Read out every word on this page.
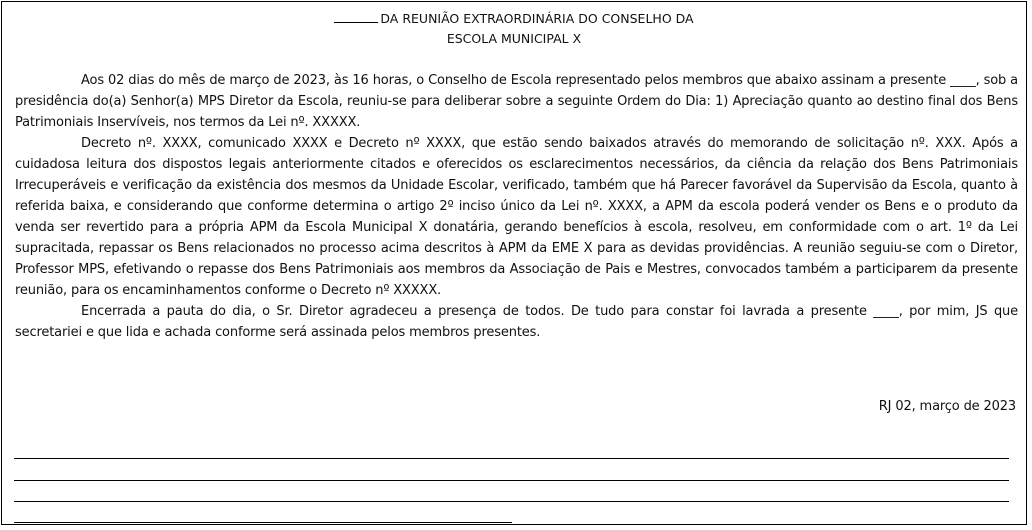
DA REUNIÃO EXTRAORDINÁRIA DO CONSELHO DA
ESCOLA MUNICIPAL X

Aos 02 dias do mês de março de 2023, às 16 horas, o Conselho de Escola representado pelos membros que abaixo assinam a presente ____, sob a presidência do(a) Senhor(a) MPS Diretor da Escola, reuniu-se para deliberar sobre a seguinte Ordem do Dia: 1) Apreciação quanto ao destino final dos Bens Patrimoniais Inservíveis, nos termos da Lei nº. XXXXX.

Decreto nº. XXXX, comunicado XXXX e Decreto nº XXXX, que estão sendo baixados através do memorando de solicitação nº. XXX. Após a cuidadosa leitura dos dispostos legais anteriormente citados e oferecidos os esclarecimentos necessários, da ciência da relação dos Bens Patrimoniais Irrecuperáveis e verificação da existência dos mesmos da Unidade Escolar, verificado, também que há Parecer favorável da Supervisão da Escola, quanto à referida baixa, e considerando que conforme determina o artigo 2º inciso único da Lei nº. XXXX, a APM da escola poderá vender os Bens e o produto da venda ser revertido para a própria APM da Escola Municipal X donatária, gerando benefícios à escola, resolveu, em conformidade com o art. 1º da Lei supracitada, repassar os Bens relacionados no processo acima descritos à APM da EME X para as devidas providências. A reunião seguiu-se com o Diretor, Professor MPS, efetivando o repasse dos Bens Patrimoniais aos membros da Associação de Pais e Mestres, convocados também a participarem da presente reunião, para os encaminhamentos conforme o Decreto nº XXXXX.

Encerrada a pauta do dia, o Sr. Diretor agradeceu a presença de todos. De tudo para constar foi lavrada a presente ____, por mim, JS que secretariei e que lida e achada conforme será assinada pelos membros presentes.

RJ 02, março de 2023
